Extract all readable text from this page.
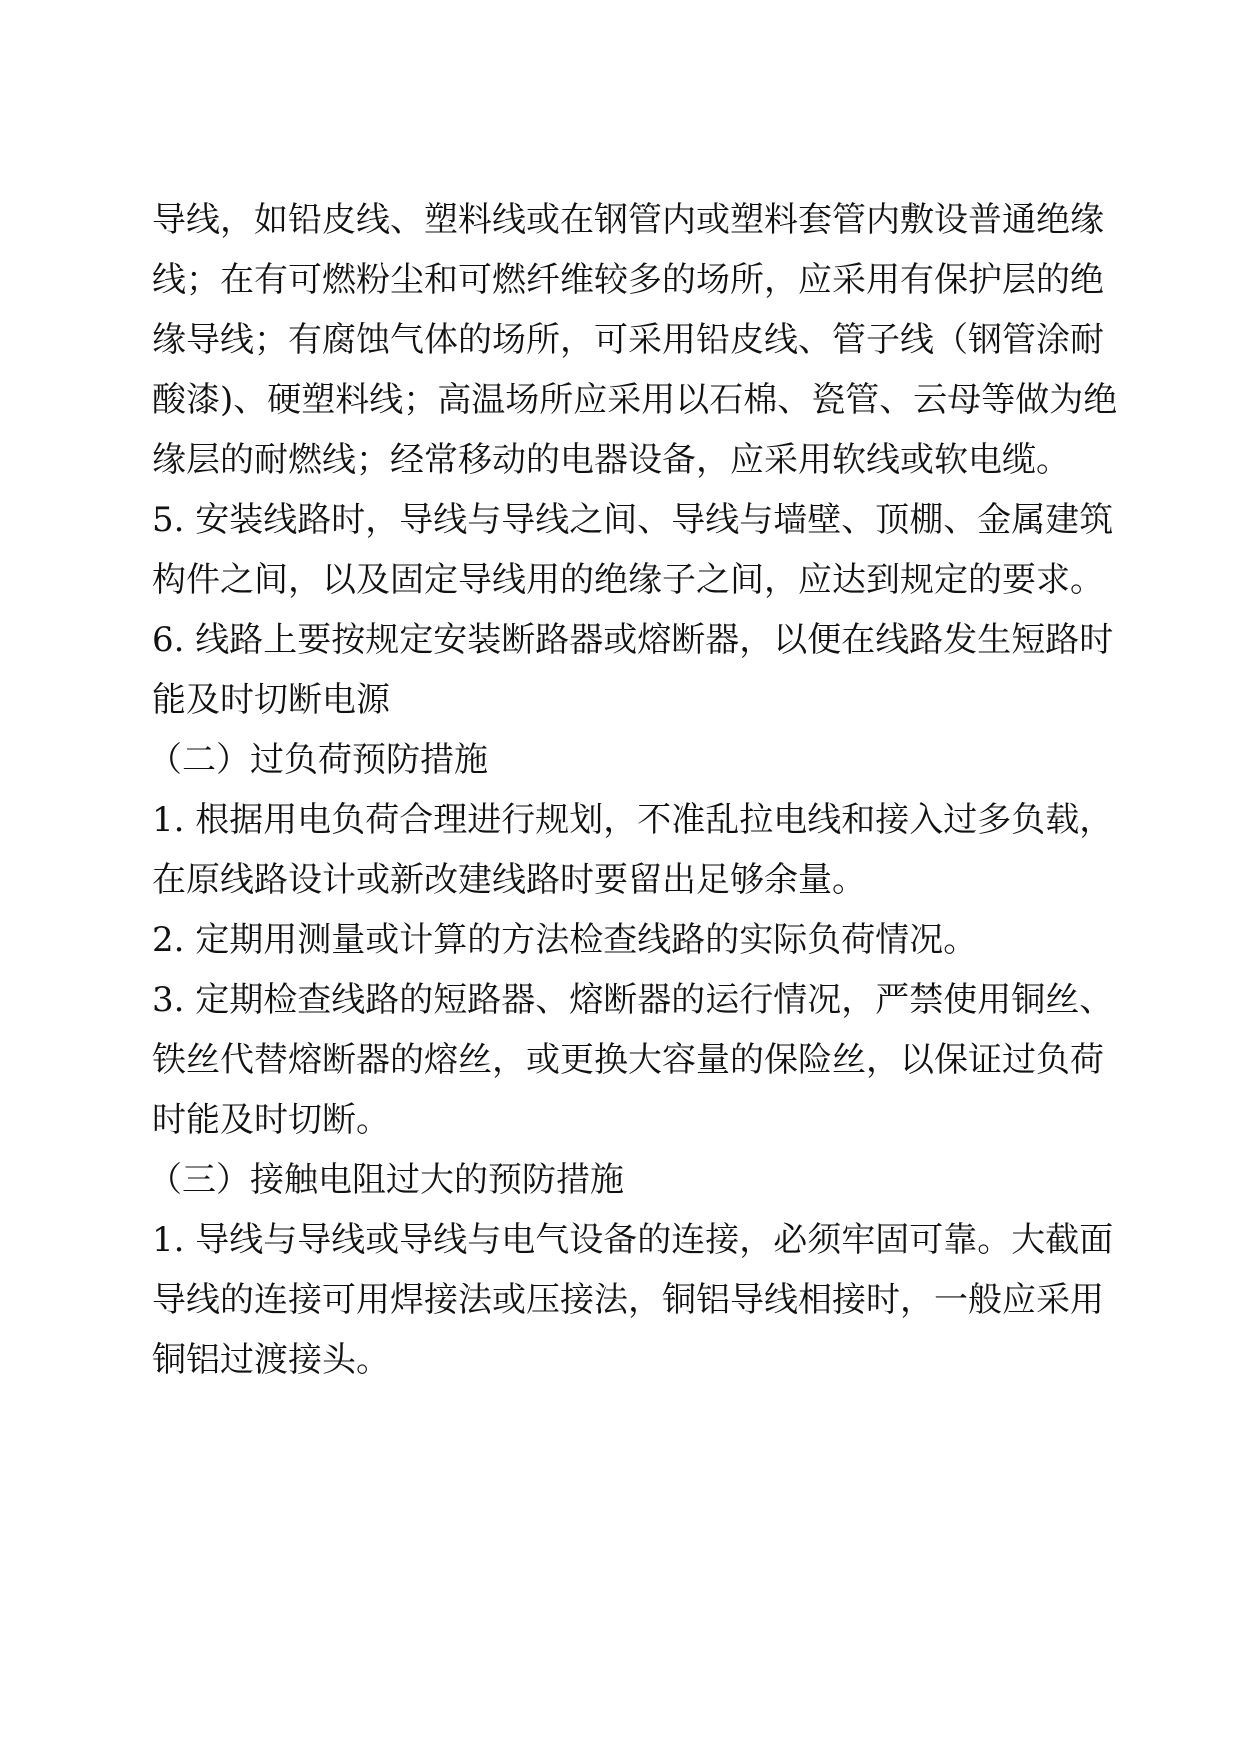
导线，如铅皮线、塑料线或在钢管内或塑料套管内敷设普通绝缘
线；在有可燃粉尘和可燃纤维较多的场所，应采用有保护层的绝
缘导线；有腐蚀气体的场所，可采用铅皮线、管子线（钢管涂耐
酸漆)、硬塑料线；高温场所应采用以石棉、瓷管、云母等做为绝
缘层的耐燃线；经常移动的电器设备，应采用软线或软电缆。
5. 安装线路时，导线与导线之间、导线与墙壁、顶棚、金属建筑
构件之间，以及固定导线用的绝缘子之间，应达到规定的要求。
6. 线路上要按规定安装断路器或熔断器，以便在线路发生短路时
能及时切断电源
（二）过负荷预防措施
1. 根据用电负荷合理进行规划，不准乱拉电线和接入过多负载，
在原线路设计或新改建线路时要留出足够余量。
2. 定期用测量或计算的方法检查线路的实际负荷情况。
3. 定期检查线路的短路器、熔断器的运行情况，严禁使用铜丝、
铁丝代替熔断器的熔丝，或更换大容量的保险丝，以保证过负荷
时能及时切断。
（三）接触电阻过大的预防措施
1. 导线与导线或导线与电气设备的连接，必须牢固可靠。大截面
导线的连接可用焊接法或压接法，铜铝导线相接时，一般应采用
铜铝过渡接头。
